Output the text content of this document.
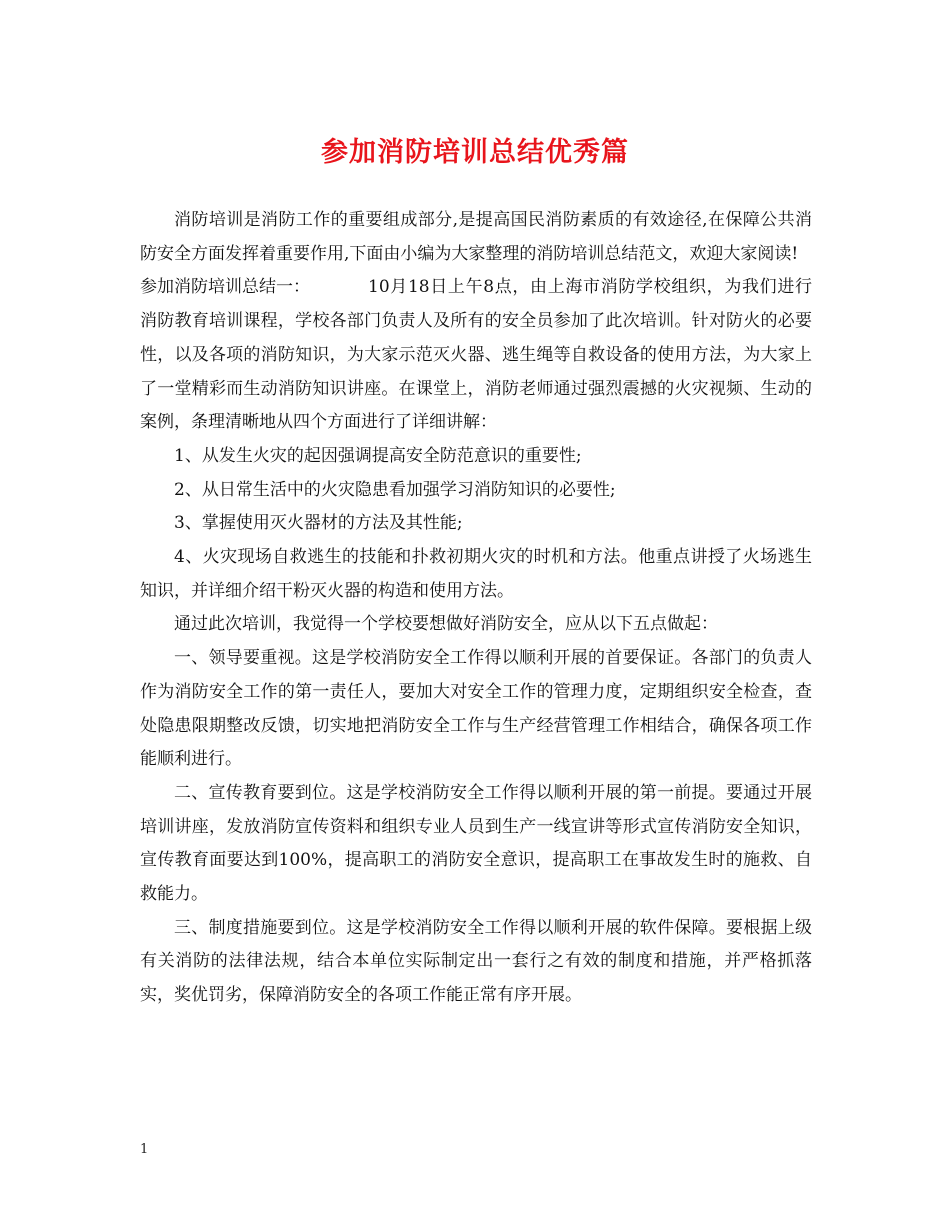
参加消防培训总结优秀篇

消防培训是消防工作的重要组成部分,是提高国民消防素质的有效途径,在保障公共消防安全方面发挥着重要作用,下面由小编为大家整理的消防培训总结范文，欢迎大家阅读!

参加消防培训总结一：	10月18日上午8点，由上海市消防学校组织，为我们进行消防教育培训课程，学校各部门负责人及所有的安全员参加了此次培训。针对防火的必要性，以及各项的消防知识，为大家示范灭火器、逃生绳等自救设备的使用方法，为大家上了一堂精彩而生动消防知识讲座。在课堂上，消防老师通过强烈震撼的火灾视频、生动的案例，条理清晰地从四个方面进行了详细讲解：

1、从发生火灾的起因强调提高安全防范意识的重要性;

2、从日常生活中的火灾隐患看加强学习消防知识的必要性;

3、掌握使用灭火器材的方法及其性能;

4、火灾现场自救逃生的技能和扑救初期火灾的时机和方法。他重点讲授了火场逃生知识，并详细介绍干粉灭火器的构造和使用方法。

通过此次培训，我觉得一个学校要想做好消防安全，应从以下五点做起：

一、领导要重视。这是学校消防安全工作得以顺利开展的首要保证。各部门的负责人作为消防安全工作的第一责任人，要加大对安全工作的管理力度，定期组织安全检查，查处隐患限期整改反馈，切实地把消防安全工作与生产经营管理工作相结合，确保各项工作能顺利进行。

二、宣传教育要到位。这是学校消防安全工作得以顺利开展的第一前提。要通过开展培训讲座，发放消防宣传资料和组织专业人员到生产一线宣讲等形式宣传消防安全知识，宣传教育面要达到100%，提高职工的消防安全意识，提高职工在事故发生时的施救、自救能力。

三、制度措施要到位。这是学校消防安全工作得以顺利开展的软件保障。要根据上级有关消防的法律法规，结合本单位实际制定出一套行之有效的制度和措施，并严格抓落实，奖优罚劣，保障消防安全的各项工作能正常有序开展。

1
